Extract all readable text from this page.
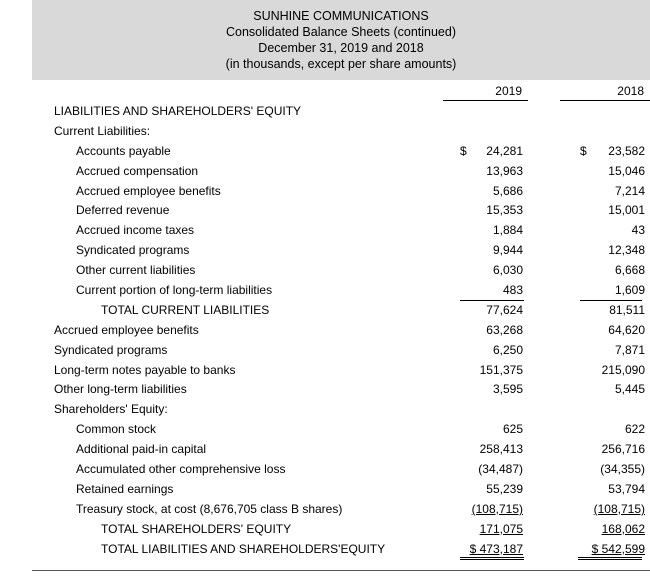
SUNHINE COMMUNICATIONS
Consolidated Balance Sheets (continued)
December 31, 2019 and 2018
(in thousands, except per share amounts)
2019	2018
LIABILITIES AND SHAREHOLDERS' EQUITY
Current Liabilities:
Accounts payable	$	24,281	$	23,582
Accrued compensation	13,963	15,046
Accrued employee benefits	5,686	7,214
Deferred revenue	15,353	15,001
Accrued income taxes	1,884	43
Syndicated programs	9,944	12,348
Other current liabilities	6,030	6,668
Current portion of long-term liabilities	483	1,609
TOTAL CURRENT LIABILITIES	77,624	81,511
Accrued employee benefits	63,268	64,620
Syndicated programs	6,250	7,871
Long-term notes payable to banks	151,375	215,090
Other long-term liabilities	3,595	5,445
Shareholders' Equity:
Common stock	625	622
Additional paid-in capital	258,413	256,716
Accumulated other comprehensive loss	(34,487)	(34,355)
Retained earnings	55,239	53,794
Treasury stock, at cost (8,676,705 class B shares)	(108,715)	(108,715)
TOTAL SHAREHOLDERS' EQUITY	171,075	168,062
TOTAL LIABILITIES AND SHAREHOLDERS'EQUITY	$ 473,187	$ 542,599
